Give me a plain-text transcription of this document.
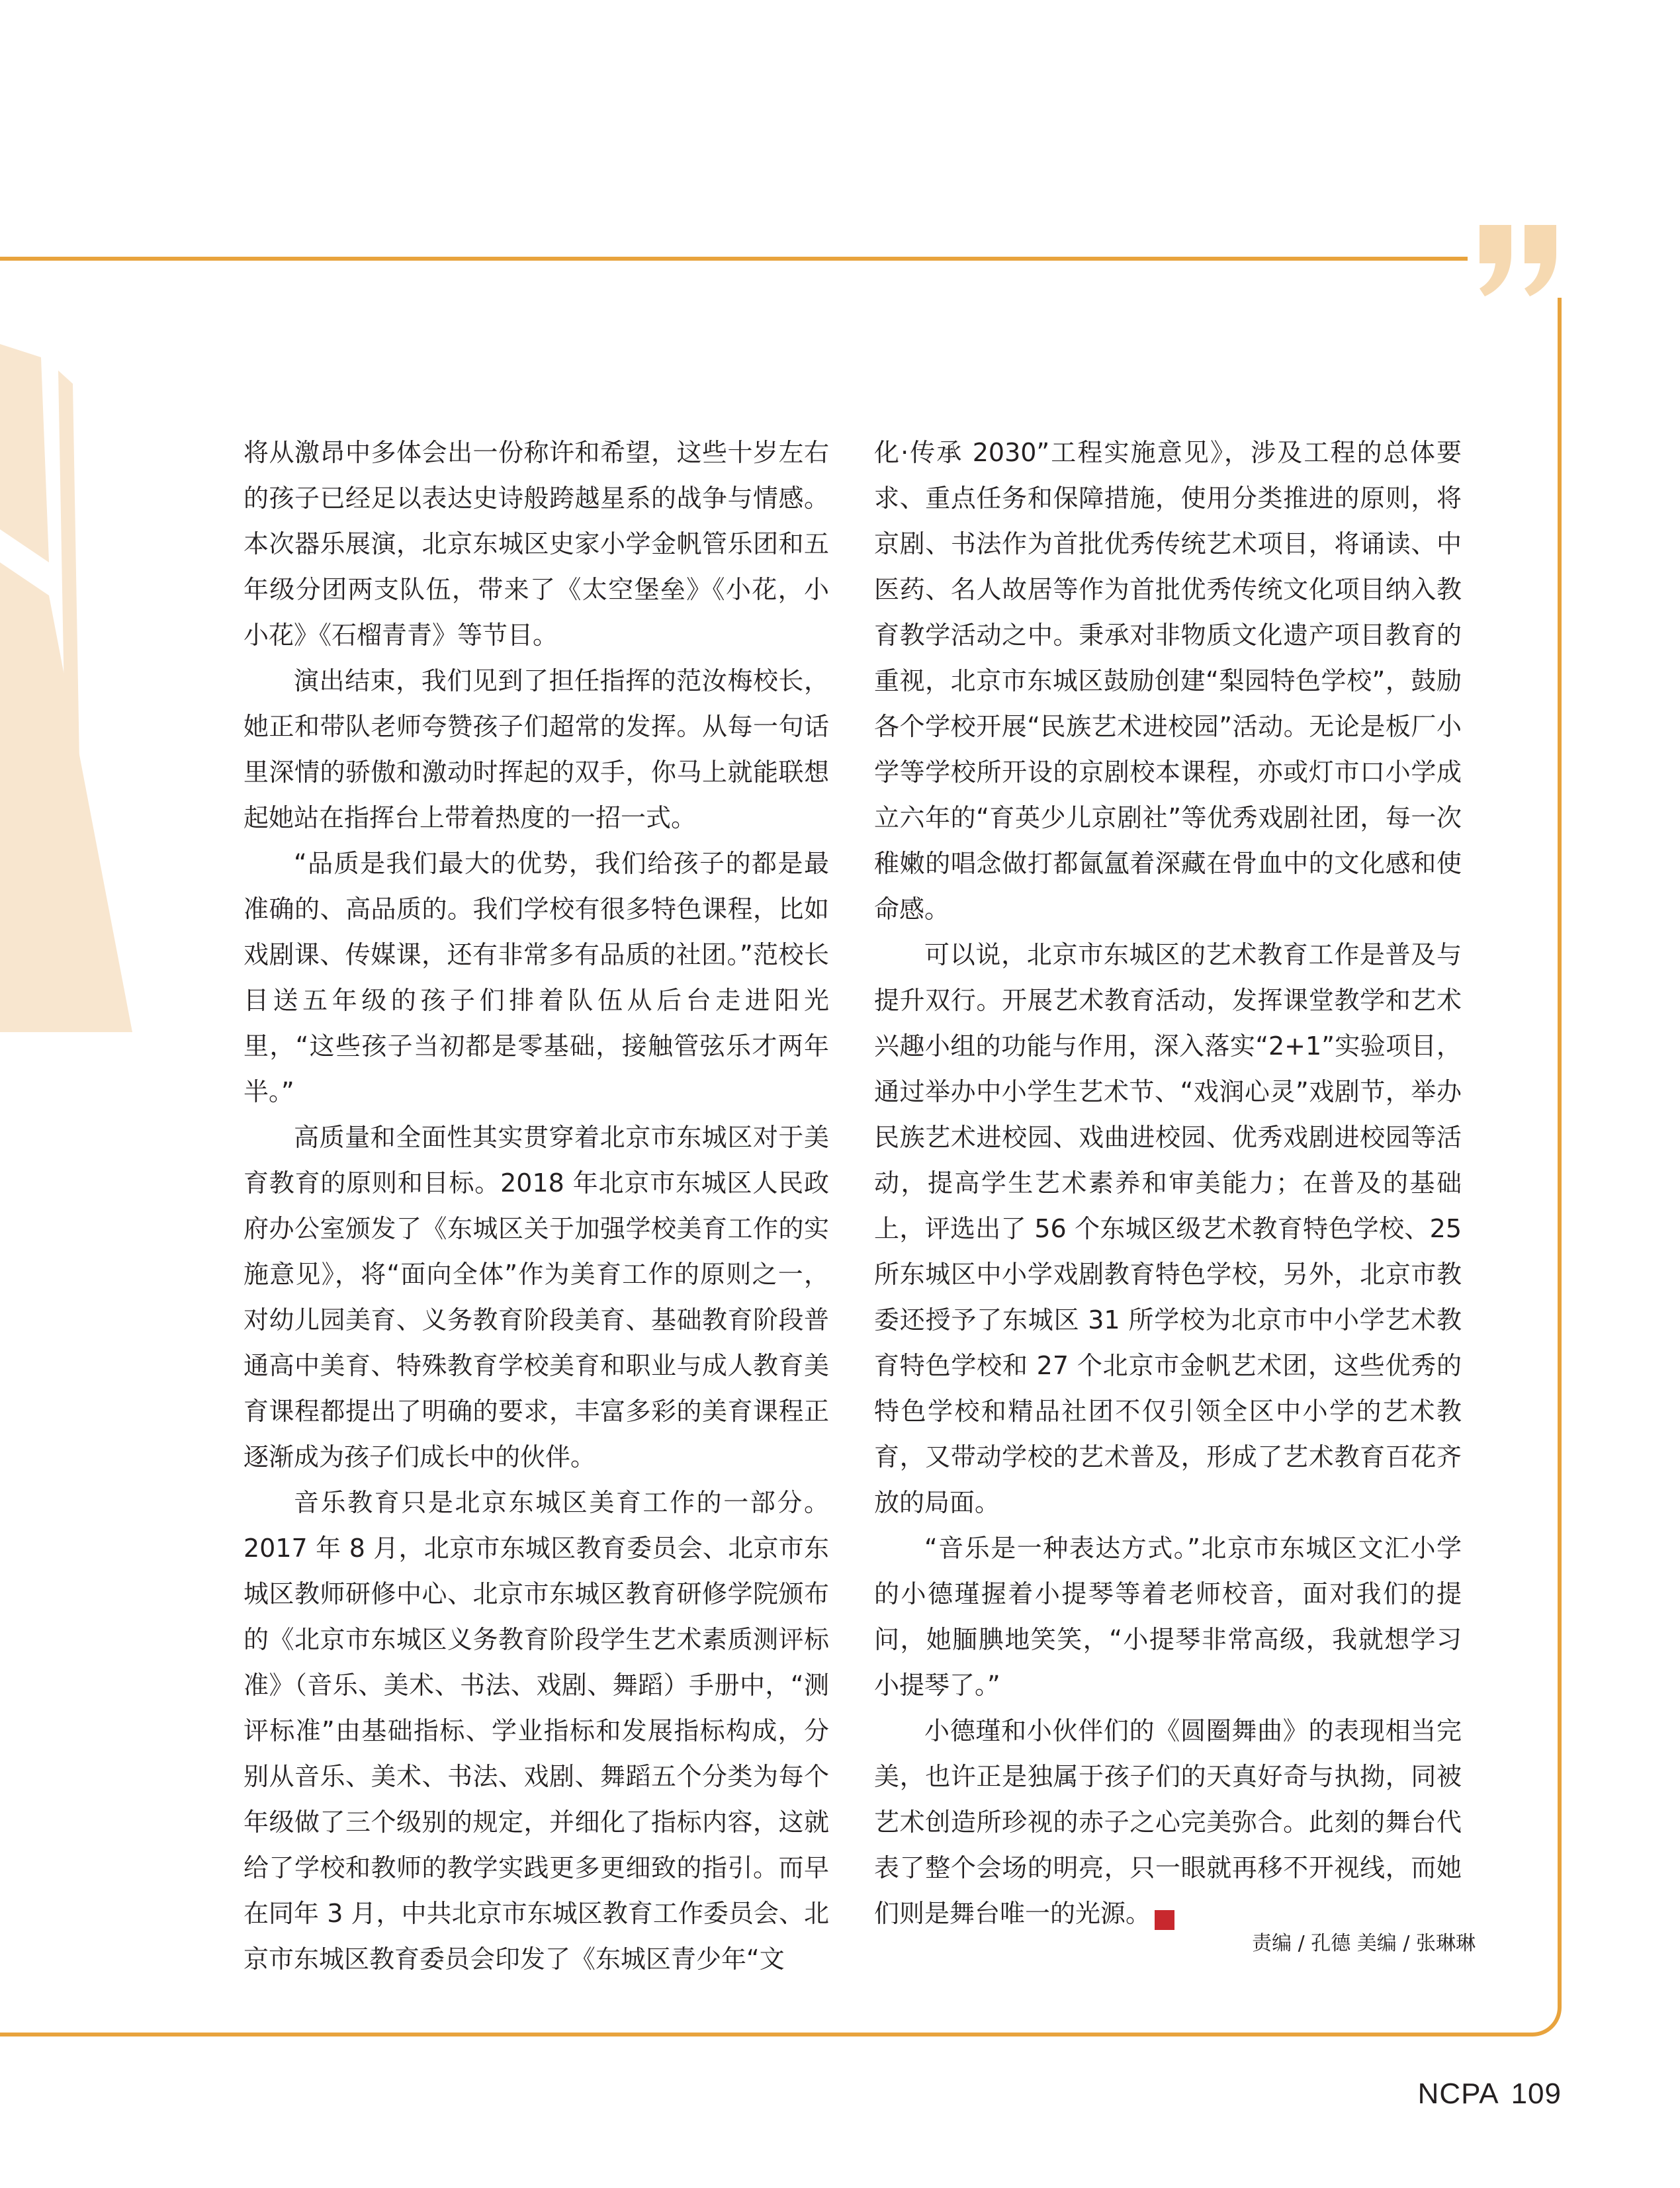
将从激昂中多体会出一份称许和希望，这些十岁左右的孩子已经足以表达史诗般跨越星系的战争与情感。本次器乐展演，北京东城区史家小学金帆管乐团和五年级分团两支队伍，带来了《太空堡垒》《小花，小小花》《石榴青青》等节目。

演出结束，我们见到了担任指挥的范汝梅校长，她正和带队老师夸赞孩子们超常的发挥。从每一句话里深情的骄傲和激动时挥起的双手，你马上就能联想起她站在指挥台上带着热度的一招一式。

“品质是我们最大的优势，我们给孩子的都是最准确的、高品质的。我们学校有很多特色课程，比如戏剧课、传媒课，还有非常多有品质的社团。”范校长目送五年级的孩子们排着队伍从后台走进阳光里，“这些孩子当初都是零基础，接触管弦乐才两年半。”

高质量和全面性其实贯穿着北京市东城区对于美育教育的原则和目标。2018 年北京市东城区人民政府办公室颁发了《东城区关于加强学校美育工作的实施意见》，将“面向全体”作为美育工作的原则之一，对幼儿园美育、义务教育阶段美育、基础教育阶段普通高中美育、特殊教育学校美育和职业与成人教育美育课程都提出了明确的要求，丰富多彩的美育课程正逐渐成为孩子们成长中的伙伴。

音乐教育只是北京东城区美育工作的一部分。2017 年 8 月，北京市东城区教育委员会、北京市东城区教师研修中心、北京市东城区教育研修学院颁布的《北京市东城区义务教育阶段学生艺术素质测评标准》（音乐、美术、书法、戏剧、舞蹈）手册中，“测评标准”由基础指标、学业指标和发展指标构成，分别从音乐、美术、书法、戏剧、舞蹈五个分类为每个年级做了三个级别的规定，并细化了指标内容，这就给了学校和教师的教学实践更多更细致的指引。而早在同年 3 月，中共北京市东城区教育工作委员会、北京市东城区教育委员会印发了《东城区青少年“文

化·传承 2030”工程实施意见》，涉及工程的总体要求、重点任务和保障措施，使用分类推进的原则，将京剧、书法作为首批优秀传统艺术项目，将诵读、中医药、名人故居等作为首批优秀传统文化项目纳入教育教学活动之中。秉承对非物质文化遗产项目教育的重视，北京市东城区鼓励创建“梨园特色学校”，鼓励各个学校开展“民族艺术进校园”活动。无论是板厂小学等学校所开设的京剧校本课程，亦或灯市口小学成立六年的“育英少儿京剧社”等优秀戏剧社团，每一次稚嫩的唱念做打都氤氲着深藏在骨血中的文化感和使命感。

可以说，北京市东城区的艺术教育工作是普及与提升双行。开展艺术教育活动，发挥课堂教学和艺术兴趣小组的功能与作用，深入落实“2+1”实验项目，通过举办中小学生艺术节、“戏润心灵”戏剧节，举办民族艺术进校园、戏曲进校园、优秀戏剧进校园等活动，提高学生艺术素养和审美能力；在普及的基础上，评选出了 56 个东城区级艺术教育特色学校、25 所东城区中小学戏剧教育特色学校，另外，北京市教委还授予了东城区 31 所学校为北京市中小学艺术教育特色学校和 27 个北京市金帆艺术团，这些优秀的特色学校和精品社团不仅引领全区中小学的艺术教育，又带动学校的艺术普及，形成了艺术教育百花齐放的局面。

“音乐是一种表达方式。”北京市东城区文汇小学的小德瑾握着小提琴等着老师校音，面对我们的提问，她腼腆地笑笑，“小提琴非常高级，我就想学习小提琴了。”

小德瑾和小伙伴们的《圆圈舞曲》的表现相当完美，也许正是独属于孩子们的天真好奇与执拗，同被艺术创造所珍视的赤子之心完美弥合。此刻的舞台代表了整个会场的明亮，只一眼就再移不开视线，而她们则是舞台唯一的光源。	院

责编 / 孔德 美编 / 张琳琳
NCPA 109
